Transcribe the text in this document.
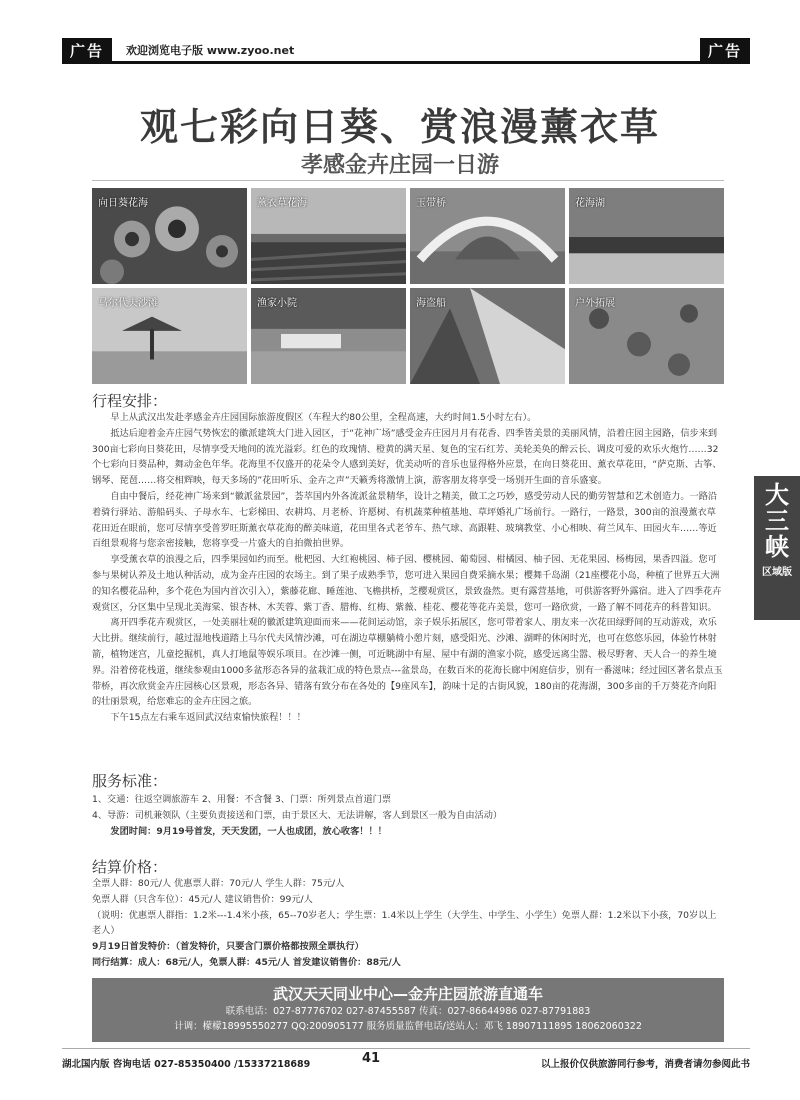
广告	欢迎浏览电子版 www.zyoo.net	广告
观七彩向日葵、赏浪漫薰衣草
孝感金卉庄园一日游
向日葵花海	薰衣草花海	玉带桥	花海湖
马尔代夫沙滩	渔家小院	海盗船	户外拓展
行程安排：

早上从武汉出发赴孝感金卉庄园国际旅游度假区（车程大约80公里，全程高速，大约时间1.5小时左右）。

抵达后迎着金卉庄园气势恢宏的徽派建筑大门进入园区，于“花神广场”感受金卉庄园月月有花香、四季皆美景的美丽风情，沿着庄园主园路，信步来到300亩七彩向日葵花田，尽情享受天地间的流光溢彩。红色的玫瑰情、橙黄的满天星、复色的宝石红芳、美轮美奂的醉云长、调皮可爱的欢乐火炮竹……32个七彩向日葵品种，舞动金色年华。花海里不仅盛开的花朵令人感到美好，优美动听的音乐也显得格外应景，在向日葵花田、薰衣草花田，“萨克斯、古筝、钢琴、琵琶……将交相辉映，每天多场的”花田听乐、金卉之声”天籁秀将激情上演，游客朋友将享受一场别开生面的音乐盛宴。

自由中餐后，经花神广场来到“徽派盆景园”，荟萃国内外各流派盆景精华，设计之精美，做工之巧妙，感受劳动人民的勤劳智慧和艺术创造力。一路沿着骑行驿站、游船码头、子母水车、七彩梯田、农耕坞、月老桥、许愿树、有机蔬菜种植基地、草坪婚礼广场前行。一路行，一路景，300亩的浪漫薰衣草花田近在眼前，您可尽情享受普罗旺斯薰衣草花海的醉美味道，花田里各式老爷车、热气球、高跟鞋、玻璃教堂、小心相映、荷兰风车、田园火车……等近百组景观将与您亲密接触，您将享受一片盛大的自拍微拍世界。

享受薰衣草的浪漫之后，四季果园如约而至。枇杷园、大红袍桃园、柿子园、樱桃园、葡萄园、柑橘园、柚子园、无花果园、杨梅园，果香四溢。您可参与果树认养及土地认种活动，成为金卉庄园的农场主。到了果子成熟季节，您可进入果园自费采摘水果；樱舞千岛湖（21座樱花小岛，种植了世界五大洲的知名樱花品种，多个花色为国内首次引入），紫藤花廊、睡莲池、飞檐拱桥，芝樱观赏区，景致盎然。更有露营基地，可供游客野外露宿。进入了四季花卉观赏区，分区集中呈现北美海棠、银杏林、木芙蓉、紫丁香、腊梅、红梅、紫薇、桂花、樱花等花卉美景，您可一路欣赏，一路了解不同花卉的科普知识。

离开四季花卉观赏区，一处美丽壮观的徽派建筑迎面而来——花间运动馆，亲子娱乐拓展区，您可带着家人、朋友来一次花田绿野间的互动游戏，欢乐大比拼。继续前行，越过湿地栈道踏上马尔代夫风情沙滩，可在湖边草棚躺椅小憩片刻，感受阳光、沙滩、湖畔的休闲时光，也可在悠悠乐园，体验竹林射箭，植物迷宫，儿童挖掘机，真人打地鼠等娱乐项目。在沙滩一侧，可近眺湖中有屋、屋中有湖的渔家小院，感受远离尘嚣、极尽野奢、天人合一的养生境界。沿着傍花栈道，继续参观由1000多盆形态各异的盆栽汇成的特色景点---盆景岛，在数百米的花海长廊中闲庭信步，别有一番滋味；经过园区著名景点玉带桥，再次欣赏金卉庄园核心区景观，形态各异、错落有致分布在各处的【9座风车】，韵味十足的古街风貌，180亩的花海湖，300多亩的千万葵花齐向阳的壮丽景观，给您难忘的金卉庄园之旅。

下午15点左右乘车返回武汉结束愉快旅程！！！

服务标准：
1、交通：往返空调旅游车 2、用餐：不含餐 3、门票：所列景点首道门票
4、导游：司机兼领队（主要负责接送和门票，由于景区大、无法讲解，客人到景区一般为自由活动）
发团时间：9月19号首发，天天发团，一人也成团，放心收客！！！
结算价格：
全票人群：80元/人 优惠票人群：70元/人 学生人群：75元/人
免票人群（只含车位）：45元/人 建议销售价：99元/人
（说明：优惠票人群指：1.2米---1.4米小孩，65--70岁老人；学生票：1.4米以上学生（大学生、中学生、小学生）免票人群：1.2米以下小孩，70岁以上老人）
9月19日首发特价：（首发特价，只要含门票价格都按照全票执行）
同行结算：成人：68元/人，免票人群：45元/人 首发建议销售价：88元/人
大三峡
区域版
武汉天天同业中心—金卉庄园旅游直通车
联系电话：027-87776702 027-87455587 传真：027-86644986 027-87791883
计调：檬檬18995550277 QQ:200905177 服务质量监督电话/送站人：邓飞 18907111895 18062060322
湖北国内版 咨询电话 027-85350400 /15337218689	41	以上报价仅供旅游同行参考，消费者请勿参阅此书
